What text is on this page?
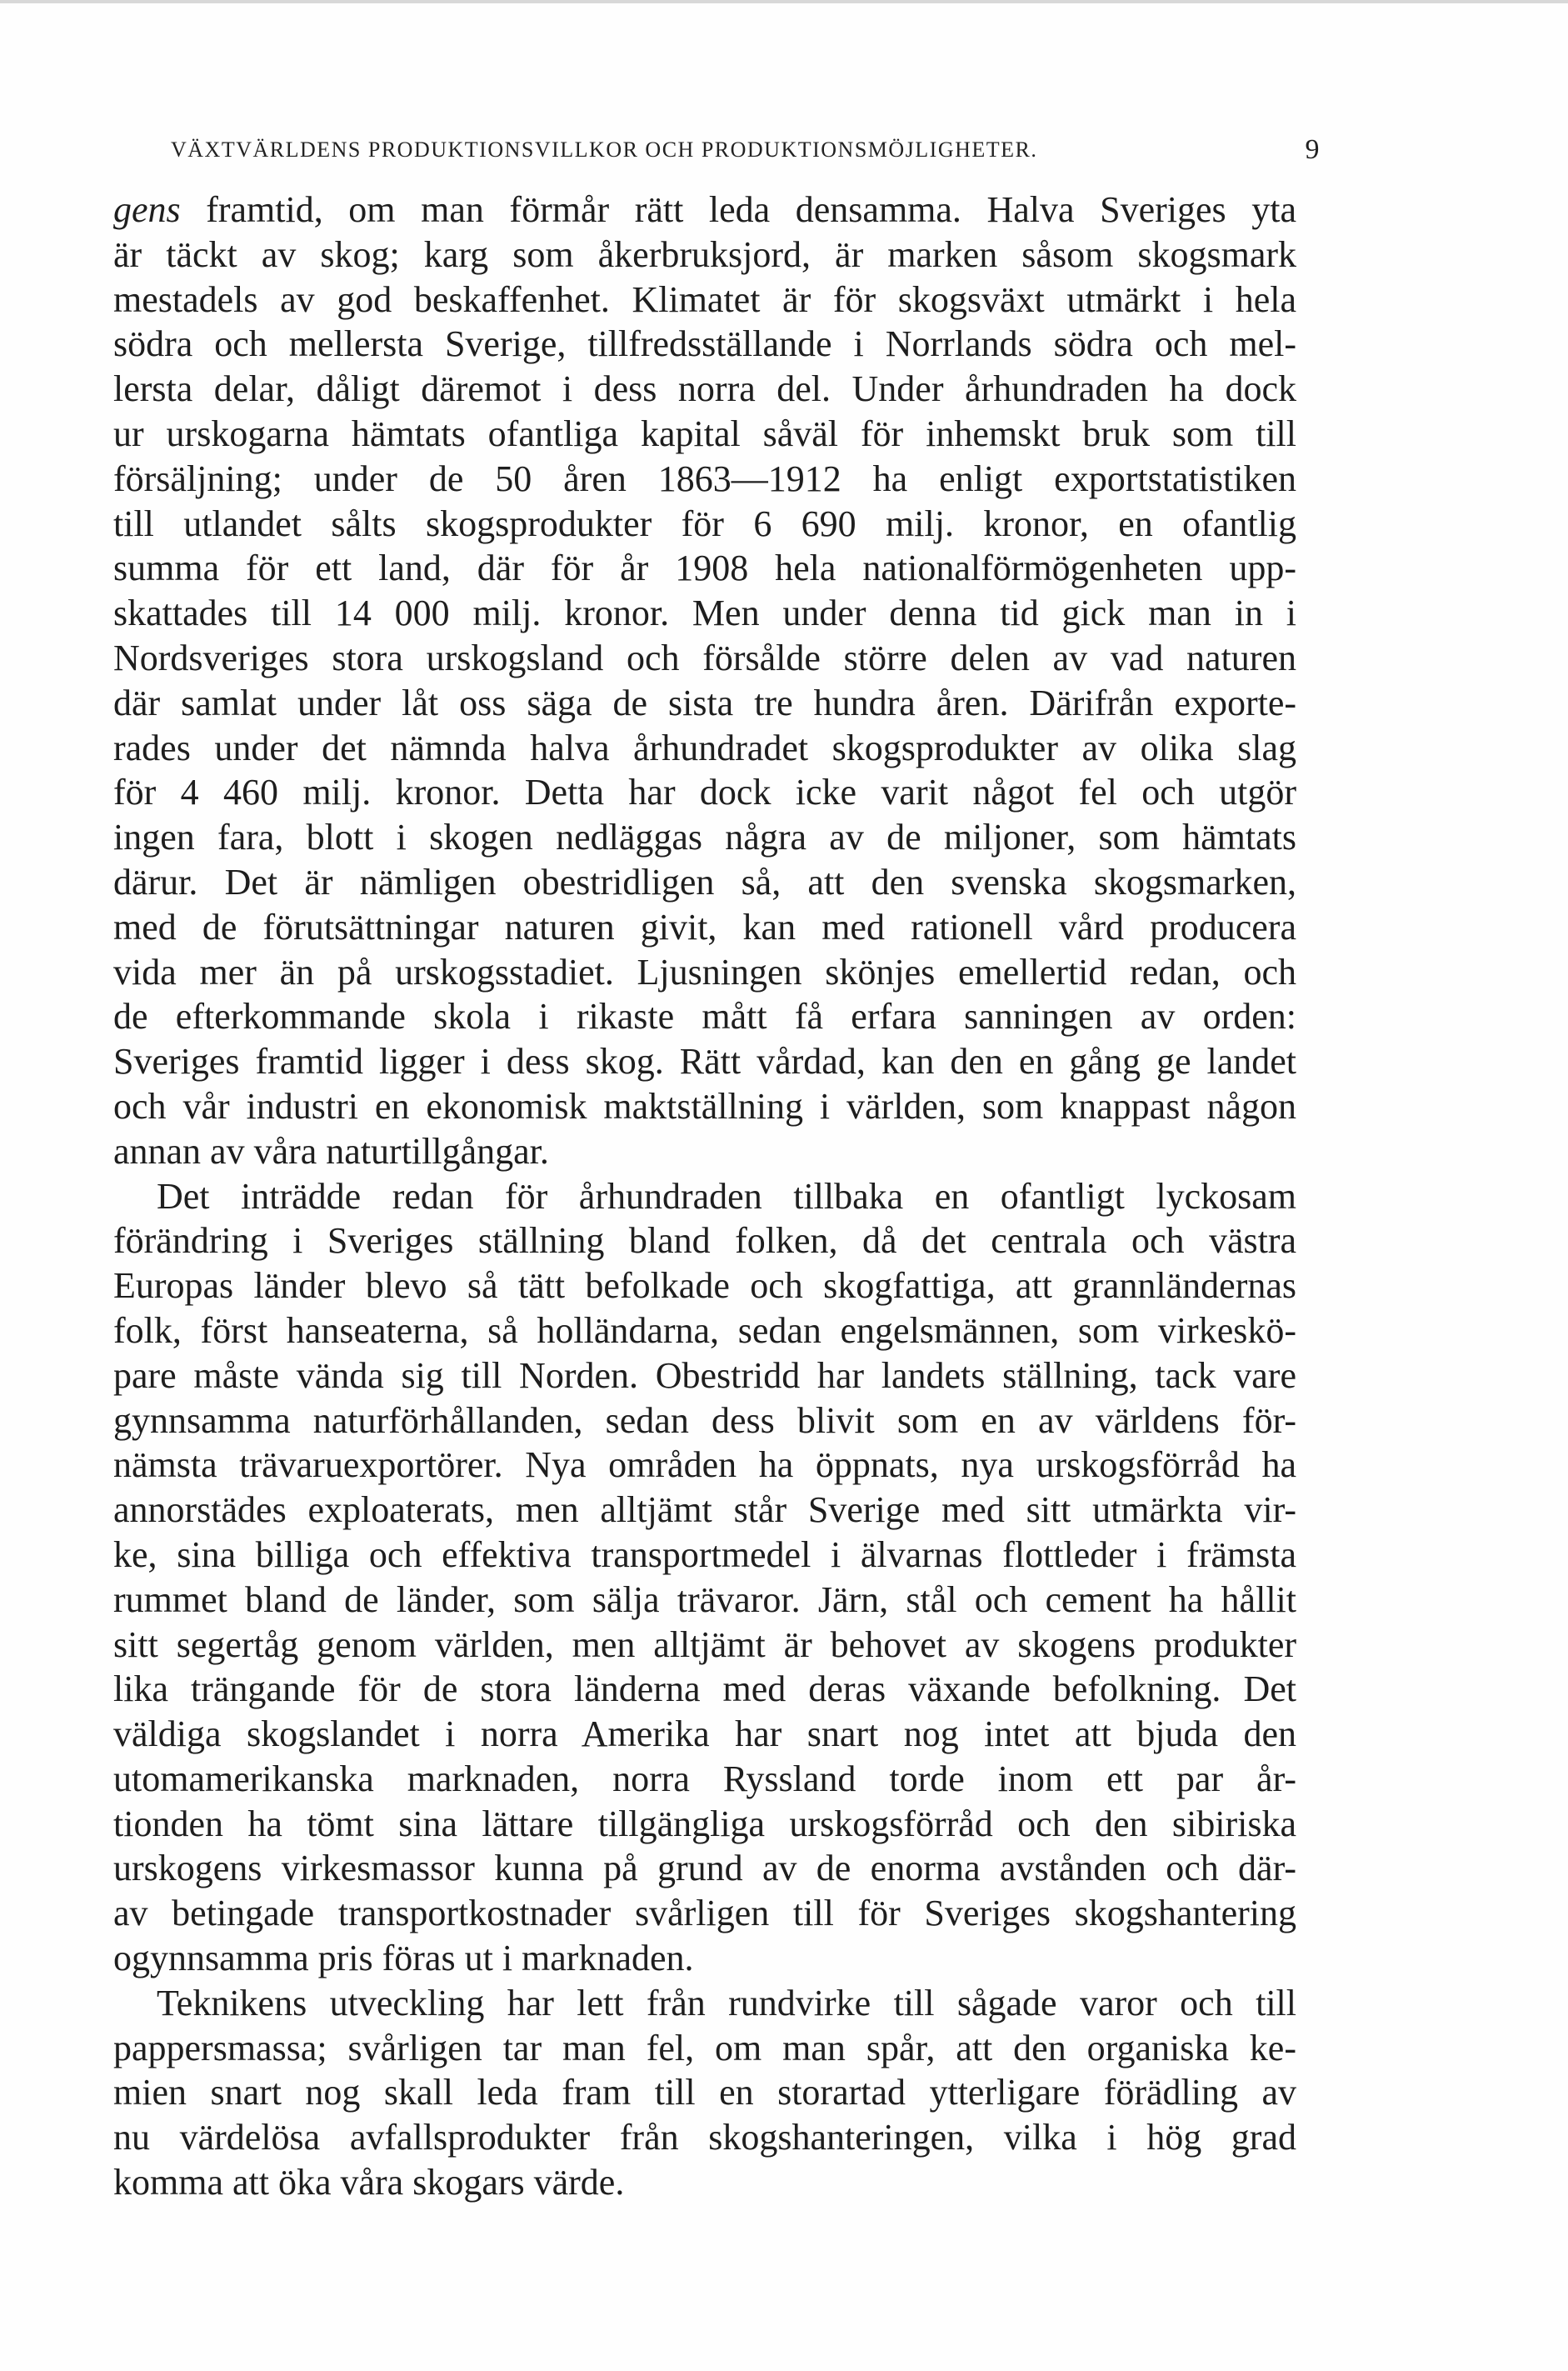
VÄXTVÄRLDENS PRODUKTIONSVILLKOR OCH PRODUKTIONSMÖJLIGHETER.	9
gens framtid, om man förmår rätt leda densamma. Halva Sveriges yta
är täckt av skog; karg som åkerbruksjord, är marken såsom skogsmark
mestadels av god beskaffenhet. Klimatet är för skogsväxt utmärkt i hela
södra och mellersta Sverige, tillfredsställande i Norrlands södra och mel-
lersta delar, dåligt däremot i dess norra del. Under århundraden ha dock
ur urskogarna hämtats ofantliga kapital såväl för inhemskt bruk som till
försäljning; under de 50 åren 1863—1912 ha enligt exportstatistiken
till utlandet sålts skogsprodukter för 6 690 milj. kronor, en ofantlig
summa för ett land, där för år 1908 hela nationalförmögenheten upp-
skattades till 14 000 milj. kronor. Men under denna tid gick man in i
Nordsveriges stora urskogsland och försålde större delen av vad naturen
där samlat under låt oss säga de sista tre hundra åren. Därifrån exporte-
rades under det nämnda halva århundradet skogsprodukter av olika slag
för 4 460 milj. kronor. Detta har dock icke varit något fel och utgör
ingen fara, blott i skogen nedläggas några av de miljoner, som hämtats
därur. Det är nämligen obestridligen så, att den svenska skogsmarken,
med de förutsättningar naturen givit, kan med rationell vård producera
vida mer än på urskogsstadiet. Ljusningen skönjes emellertid redan, och
de efterkommande skola i rikaste mått få erfara sanningen av orden:
Sveriges framtid ligger i dess skog. Rätt vårdad, kan den en gång ge landet
och vår industri en ekonomisk maktställning i världen, som knappast någon
annan av våra naturtillgångar.
Det inträdde redan för århundraden tillbaka en ofantligt lyckosam
förändring i Sveriges ställning bland folken, då det centrala och västra
Europas länder blevo så tätt befolkade och skogfattiga, att grannländernas
folk, först hanseaterna, så holländarna, sedan engelsmännen, som virkeskö-
pare måste vända sig till Norden. Obestridd har landets ställning, tack vare
gynnsamma naturförhållanden, sedan dess blivit som en av världens för-
nämsta trävaruexportörer. Nya områden ha öppnats, nya urskogsförråd ha
annorstädes exploaterats, men alltjämt står Sverige med sitt utmärkta vir-
ke, sina billiga och effektiva transportmedel i älvarnas flottleder i främsta
rummet bland de länder, som sälja trävaror. Järn, stål och cement ha hållit
sitt segertåg genom världen, men alltjämt är behovet av skogens produkter
lika trängande för de stora länderna med deras växande befolkning. Det
väldiga skogslandet i norra Amerika har snart nog intet att bjuda den
utomamerikanska marknaden, norra Ryssland torde inom ett par år-
tionden ha tömt sina lättare tillgängliga urskogsförråd och den sibiriska
urskogens virkesmassor kunna på grund av de enorma avstånden och där-
av betingade transportkostnader svårligen till för Sveriges skogshantering
ogynnsamma pris föras ut i marknaden.
Teknikens utveckling har lett från rundvirke till sågade varor och till
pappersmassa; svårligen tar man fel, om man spår, att den organiska ke-
mien snart nog skall leda fram till en storartad ytterligare förädling av
nu värdelösa avfallsprodukter från skogshanteringen, vilka i hög grad
komma att öka våra skogars värde.
